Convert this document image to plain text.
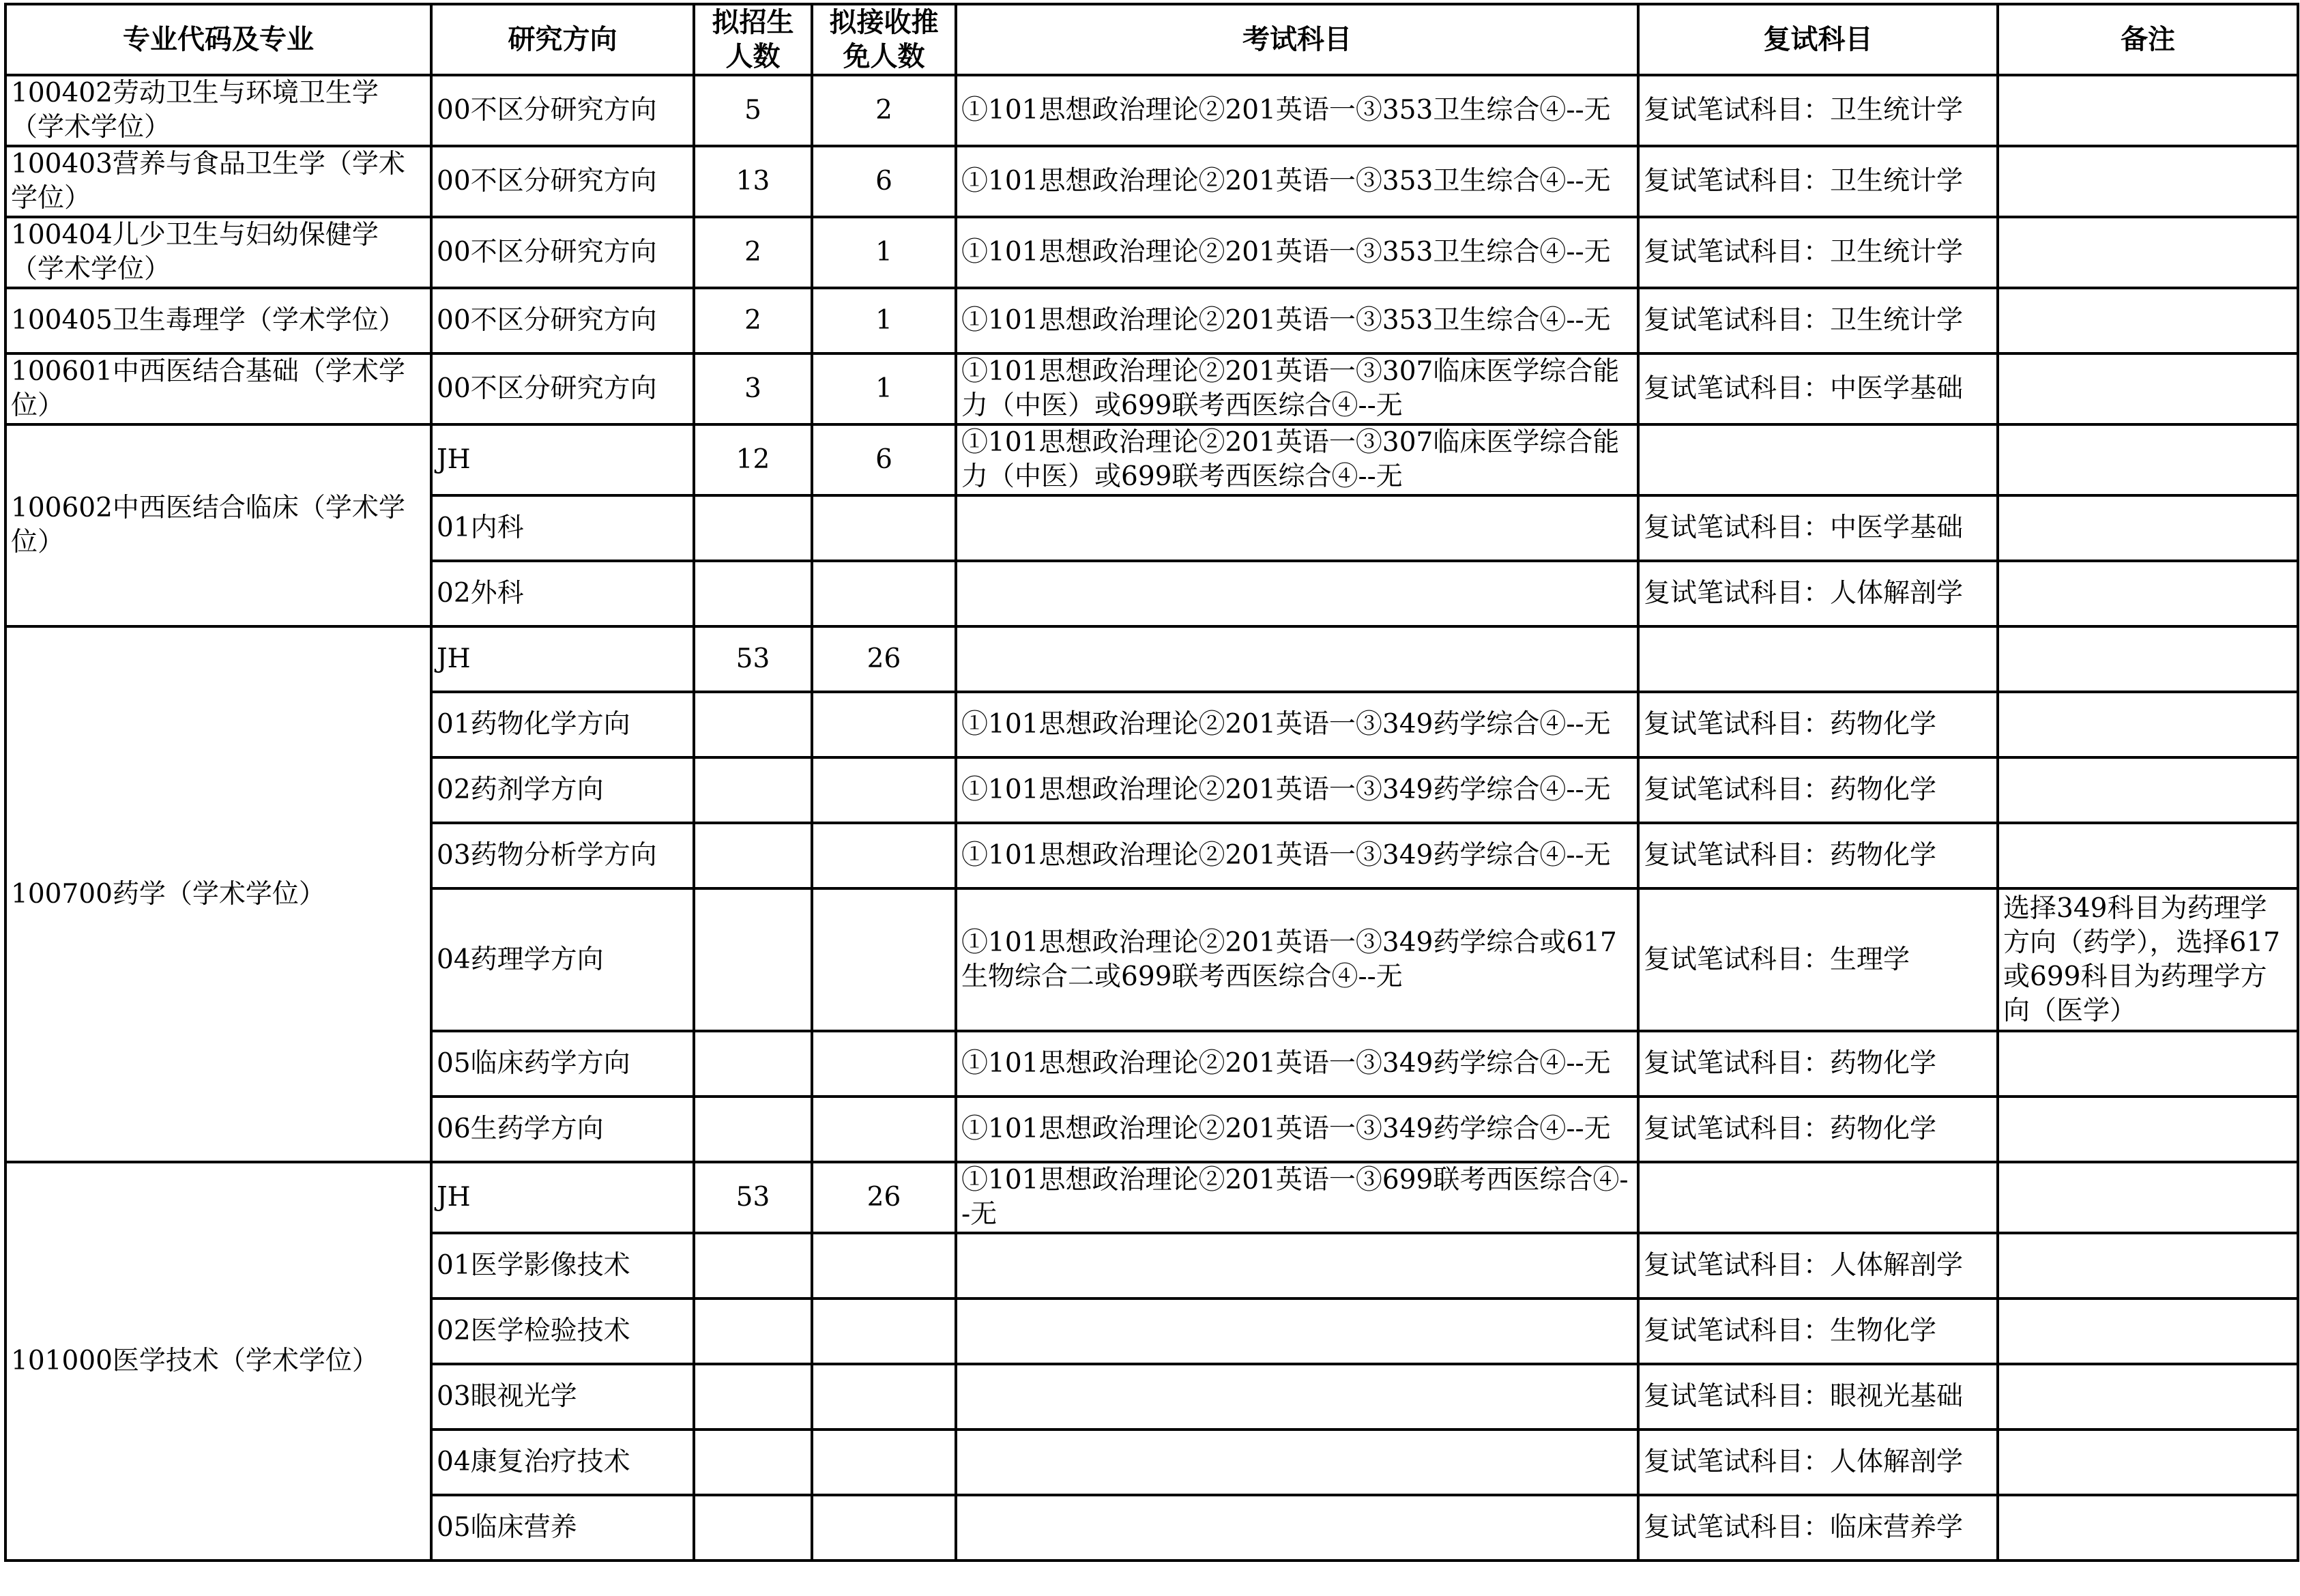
专业代码及专业	研究方向	拟招生人数	拟接收推免人数	考试科目	复试科目	备注
100402劳动卫生与环境卫生学（学术学位）	00不区分研究方向	5	2	①101思想政治理论②201英语一③353卫生综合④--无	复试笔试科目：卫生统计学	
100403营养与食品卫生学（学术学位）	00不区分研究方向	13	6	①101思想政治理论②201英语一③353卫生综合④--无	复试笔试科目：卫生统计学	
100404儿少卫生与妇幼保健学（学术学位）	00不区分研究方向	2	1	①101思想政治理论②201英语一③353卫生综合④--无	复试笔试科目：卫生统计学	
100405卫生毒理学（学术学位）	00不区分研究方向	2	1	①101思想政治理论②201英语一③353卫生综合④--无	复试笔试科目：卫生统计学	
100601中西医结合基础（学术学位）	00不区分研究方向	3	1	①101思想政治理论②201英语一③307临床医学综合能力（中医）或699联考西医综合④--无	复试笔试科目：中医学基础	
100602中西医结合临床（学术学位）	JH	12	6	①101思想政治理论②201英语一③307临床医学综合能力（中医）或699联考西医综合④--无		
	01内科				复试笔试科目：中医学基础	
	02外科				复试笔试科目：人体解剖学	
100700药学（学术学位）	JH	53	26			
	01药物化学方向			①101思想政治理论②201英语一③349药学综合④--无	复试笔试科目：药物化学	
	02药剂学方向			①101思想政治理论②201英语一③349药学综合④--无	复试笔试科目：药物化学	
	03药物分析学方向			①101思想政治理论②201英语一③349药学综合④--无	复试笔试科目：药物化学	
	04药理学方向			①101思想政治理论②201英语一③349药学综合或617生物综合二或699联考西医综合④--无	复试笔试科目：生理学	选择349科目为药理学方向（药学），选择617或699科目为药理学方向（医学）
	05临床药学方向			①101思想政治理论②201英语一③349药学综合④--无	复试笔试科目：药物化学	
	06生药学方向			①101思想政治理论②201英语一③349药学综合④--无	复试笔试科目：药物化学	
101000医学技术（学术学位）	JH	53	26	①101思想政治理论②201英语一③699联考西医综合④--无		
	01医学影像技术				复试笔试科目：人体解剖学	
	02医学检验技术				复试笔试科目：生物化学	
	03眼视光学				复试笔试科目：眼视光基础	
	04康复治疗技术				复试笔试科目：人体解剖学	
	05临床营养				复试笔试科目：临床营养学	
